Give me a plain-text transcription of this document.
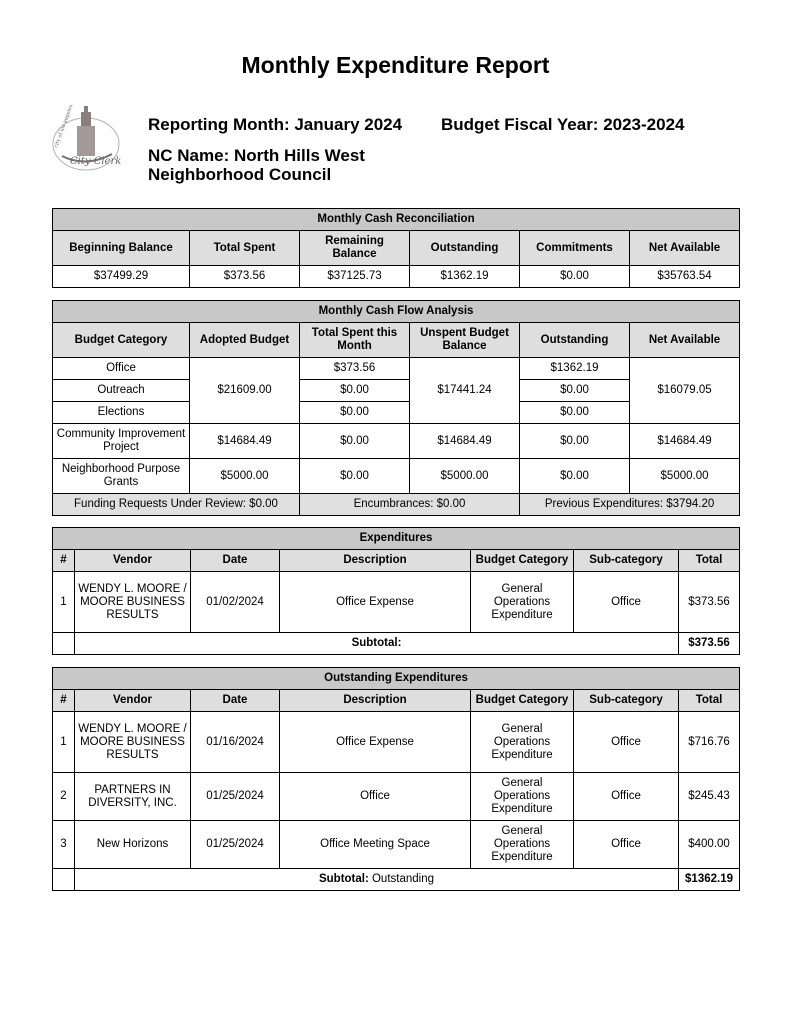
Monthly Expenditure Report
City Clerk
city of los angeles	Reporting Month: January 2024 Budget Fiscal Year: 2023-2024
NC Name: North Hills West
Neighborhood Council
Monthly Cash Reconciliation					
Beginning Balance	Total Spent	Remaining Balance	Outstanding	Commitments	Net Available
$37499.29	$373.56	$37125.73	$1362.19	$0.00	$35763.54
Monthly Cash Flow Analysis					
Budget Category	Adopted Budget	Total Spent this Month	Unspent Budget Balance	Outstanding	Net Available
Office	$21609.00	$373.56	$17441.24	$1362.19	$16079.05
Outreach		$0.00		$0.00	
Elections		$0.00		$0.00	
Community Improvement Project	$14684.49	$0.00	$14684.49	$0.00	$14684.49
Neighborhood Purpose Grants	$5000.00	$0.00	$5000.00	$0.00	$5000.00
Funding Requests Under Review: $0.00		Encumbrances: $0.00		Previous Expenditures: $3794.20	
Expenditures						
#	Vendor	Date	Description	Budget Category	Sub-category	Total
1	WENDY L. MOORE / MOORE BUSINESS RESULTS	01/02/2024	Office Expense	General Operations Expenditure	Office	$373.56
	Subtotal:					$373.56
Outstanding Expenditures						
#	Vendor	Date	Description	Budget Category	Sub-category	Total
1	WENDY L. MOORE / MOORE BUSINESS RESULTS	01/16/2024	Office Expense	General Operations Expenditure	Office	$716.76
2	PARTNERS IN DIVERSITY, INC.	01/25/2024	Office	General Operations Expenditure	Office	$245.43
3	New Horizons	01/25/2024	Office Meeting Space	General Operations Expenditure	Office	$400.00
	Subtotal: Outstanding					$1362.19
